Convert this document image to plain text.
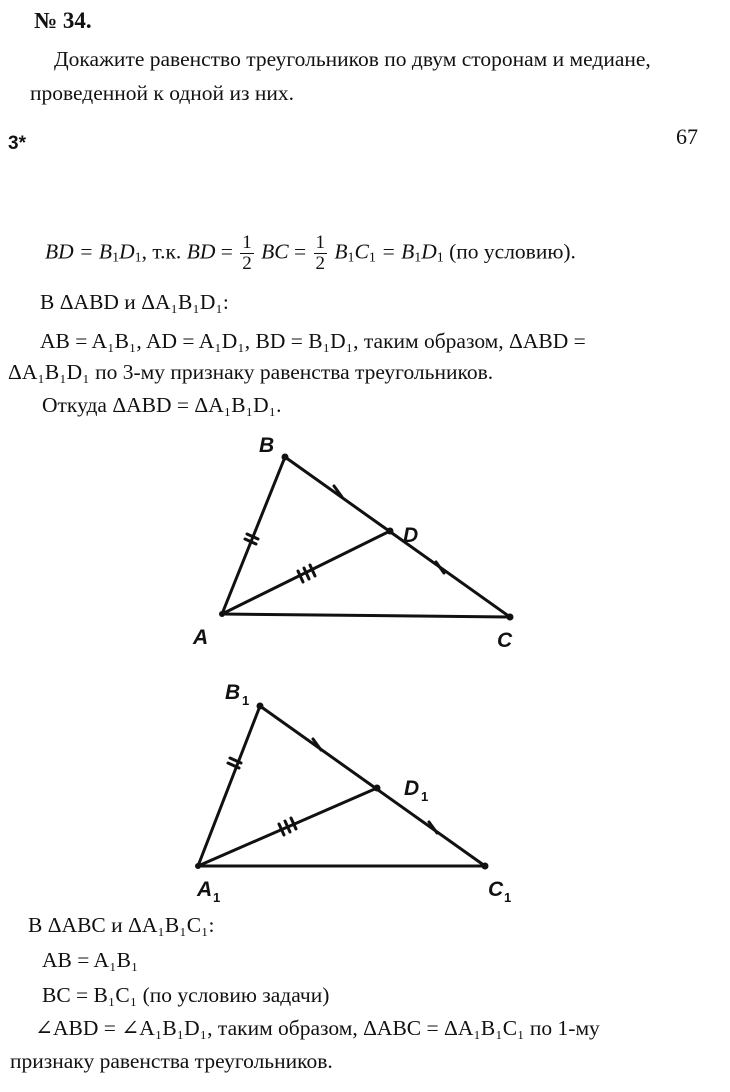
№ 34.
Докажите равенство треугольников по двум сторонам и медиане, проведенной к одной из них.
3*	67
BD = $B_1D_1$, т.к. BD = $\frac{1}{2}$ BC = $\frac{1}{2} B_1C_1 = B_1D_1$ (по условию).
В ΔABD и ΔA₁B₁D₁:
AB = A₁B₁, AD = A₁D₁, BD = B₁D₁, таким образом, ΔABD =
ΔA₁B₁D₁ по 3-му признаку равенства треугольников.
Откуда ΔABD = ΔA₁B₁D₁.
B
D
A	C
B 1
D 1
A 1	C 1
В ΔABC и ΔA₁B₁C₁:
AB = A₁B₁
BC = B₁C₁ (по условию задачи)
∠ABD = ∠A₁B₁D₁, таким образом, ΔABC = ΔA₁B₁C₁ по 1-му
признаку равенства треугольников.
